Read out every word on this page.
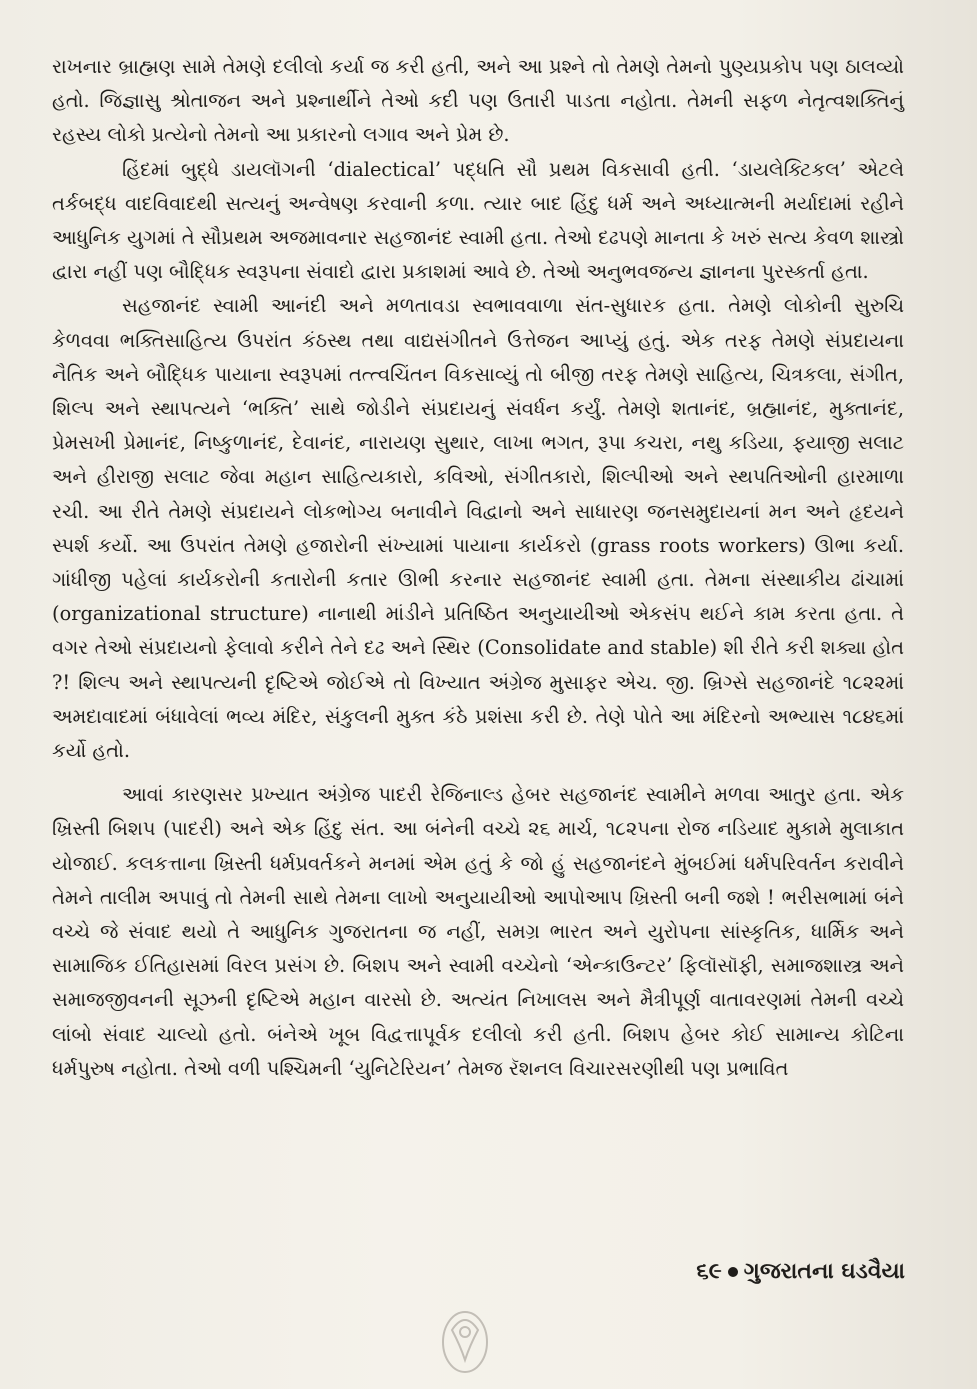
રાખનાર બ્રાહ્મણ સામે તેમણે દલીલો કર્યા જ કરી હતી, અને આ પ્રશ્ને તો તેમણે તેમનો પુણ્યપ્રકોપ પણ ઠાલવ્યો હતો. જિજ્ઞાસુ શ્રોતાજન અને પ્રશ્નાર્થીને તેઓ કદી પણ ઉતારી પાડતા નહોતા. તેમની સફળ નેતૃત્વશક્તિનું રહસ્ય લોકો પ્રત્યેનો તેમનો આ પ્રકારનો લગાવ અને પ્રેમ છે.

હિંદમાં બુદ્ધે ડાયલૉગની ‘dialectical’ પદ્ધતિ સૌ પ્રથમ વિકસાવી હતી. ‘ડાયલેક્ટિકલ’ એટલે તર્કબદ્ધ વાદવિવાદથી સત્યનું અન્વેષણ કરવાની કળા. ત્યાર બાદ હિંદુ ધર્મ અને અધ્યાત્મની મર્યાદામાં રહીને આધુનિક યુગમાં તે સૌપ્રથમ અજમાવનાર સહજાનંદ સ્વામી હતા. તેઓ દઢપણે માનતા કે ખરું સત્ય કેવળ શાસ્ત્રો દ્વારા નહીં પણ બૌદ્ધિક સ્વરૂપના સંવાદો દ્વારા પ્રકાશમાં આવે છે. તેઓ અનુભવજન્ય જ્ઞાનના પુરસ્કર્તા હતા.

સહજાનંદ સ્વામી આનંદી અને મળતાવડા સ્વભાવવાળા સંત-સુધારક હતા. તેમણે લોકોની સુરુચિ કેળવવા ભક્તિસાહિત્ય ઉપરાંત કંઠસ્થ તથા વાદ્યસંગીતને ઉત્તેજન આપ્યું હતું. એક તરફ તેમણે સંપ્રદાયના નૈતિક અને બૌદ્ધિક પાયાના સ્વરૂપમાં તત્ત્વચિંતન વિકસાવ્યું તો બીજી તરફ તેમણે સાહિત્ય, ચિત્રકલા, સંગીત, શિલ્પ અને સ્થાપત્યને ‘ભક્તિ’ સાથે જોડીને સંપ્રદાયનું સંવર્ધન કર્યું. તેમણે શતાનંદ, બ્રહ્માનંદ, મુક્તાનંદ, પ્રેમસખી પ્રેમાનંદ, નિષ્કુળાનંદ, દેવાનંદ, નારાયણ સુથાર, લાખા ભગત, રૂપા કચરા, નથુ કડિયા, ફયાજી સલાટ અને હીરાજી સલાટ જેવા મહાન સાહિત્યકારો, કવિઓ, સંગીતકારો, શિલ્પીઓ અને સ્થપતિઓની હારમાળા રચી. આ રીતે તેમણે સંપ્રદાયને લોકભોગ્ય બનાવીને વિદ્વાનો અને સાધારણ જનસમુદાયનાં મન અને હૃદયને સ્પર્શ કર્યો. આ ઉપરાંત તેમણે હજારોની સંખ્યામાં પાયાના કાર્યકરો (grass roots workers) ઊભા કર્યા. ગાંધીજી પહેલાં કાર્યકરોની કતારોની કતાર ઊભી કરનાર સહજાનંદ સ્વામી હતા. તેમના સંસ્થાકીય ઢાંચામાં (organizational structure) નાનાથી માંડીને પ્રતિષ્ઠિત અનુયાયીઓ એકસંપ થઈને કામ કરતા હતા. તે વગર તેઓ સંપ્રદાયનો ફેલાવો કરીને તેને દઢ અને સ્થિર (Consolidate and stable) શી રીતે કરી શક્યા હોત ?! શિલ્પ અને સ્થાપત્યની દૃષ્ટિએ જોઈએ તો વિખ્યાત અંગ્રેજ મુસાફર એચ. જી. બ્રિગ્સે સહજાનંદે ૧૮૨૨માં અમદાવાદમાં બંધાવેલાં ભવ્ય મંદિર, સંકુલની મુક્ત કંઠે પ્રશંસા કરી છે. તેણે પોતે આ મંદિરનો અભ્યાસ ૧૮૪૬માં કર્યો હતો.

આવાં કારણસર પ્રખ્યાત અંગ્રેજ પાદરી રેજિનાલ્ડ હેબર સહજાનંદ સ્વામીને મળવા આતુર હતા. એક ખ્રિસ્તી બિશપ (પાદરી) અને એક હિંદુ સંત. આ બંનેની વચ્ચે ૨૬ માર્ચ, ૧૮૨૫ના રોજ નડિયાદ મુકામે મુલાકાત યોજાઈ. કલકત્તાના ખ્રિસ્તી ધર્મપ્રવર્તકને મનમાં એમ હતું કે જો હું સહજાનંદને મુંબઈમાં ધર્મપરિવર્તન કરાવીને તેમને તાલીમ અપાવું તો તેમની સાથે તેમના લાખો અનુયાયીઓ આપોઆપ ખ્રિસ્તી બની જશે ! ભરીસભામાં બંને વચ્ચે જે સંવાદ થયો તે આધુનિક ગુજરાતના જ નહીં, સમગ્ર ભારત અને યુરોપના સાંસ્કૃતિક, ધાર્મિક અને સામાજિક ઈતિહાસમાં વિરલ પ્રસંગ છે. બિશપ અને સ્વામી વચ્ચેનો ‘એન્કાઉન્ટર’ ફિલૉસૉફી, સમાજશાસ્ત્ર અને સમાજજીવનની સૂઝની દૃષ્ટિએ મહાન વારસો છે. અત્યંત નિખાલસ અને મૈત્રીપૂર્ણ વાતાવરણમાં તેમની વચ્ચે લાંબો સંવાદ ચાલ્યો હતો. બંનેએ ખૂબ વિદ્વત્તાપૂર્વક દલીલો કરી હતી. બિશપ હેબર કોઈ સામાન્ય કોટિના ધર્મપુરુષ નહોતા. તેઓ વળી પશ્ચિમની ‘યુનિટેરિયન’ તેમજ રૅશનલ વિચારસરણીથી પણ પ્રભાવિત

૬૯ ગુજરાતના ઘડવૈયા
